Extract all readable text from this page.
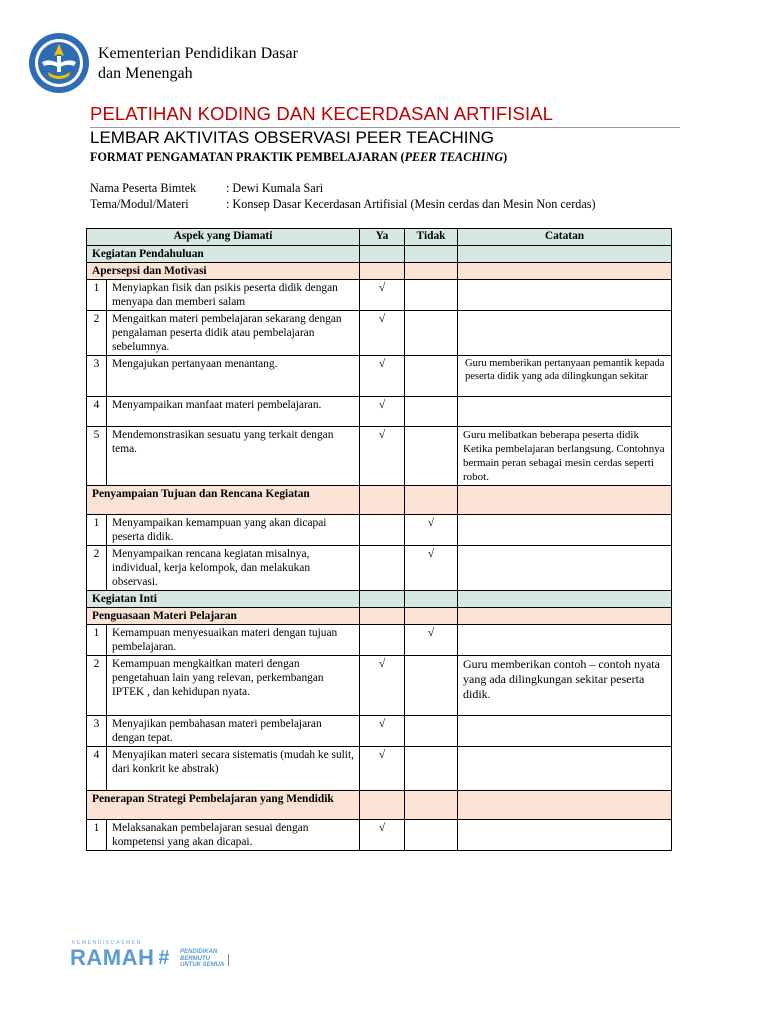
Kementerian Pendidikan Dasar
dan Menengah
PELATIHAN KODING DAN KECERDASAN ARTIFISIAL
LEMBAR AKTIVITAS OBSERVASI PEER TEACHING
FORMAT PENGAMATAN PRAKTIK PEMBELAJARAN (PEER TEACHING)
Nama Peserta Bimtek	: Dewi Kumala Sari
Tema/Modul/Materi	: Konsep Dasar Kecerdasan Artifisial (Mesin cerdas dan Mesin Non cerdas)
Aspek yang Diamati		Ya	Tidak	Catatan
Kegiatan Pendahuluan				
Apersepsi dan Motivasi				
1	Menyiapkan fisik dan psikis peserta didik dengan menyapa dan memberi salam	√		
2	Mengaitkan materi pembelajaran sekarang dengan pengalaman peserta didik atau pembelajaran sebelumnya.	√		
3	Mengajukan pertanyaan menantang.	√		Guru memberikan pertanyaan pemantik kepada peserta didik yang ada dilingkungan sekitar
4	Menyampaikan manfaat materi pembelajaran.	√		
5	Mendemonstrasikan sesuatu yang terkait dengan tema.	√		Guru melibatkan beberapa peserta didik Ketika pembelajaran berlangsung. Contohnya bermain peran sebagai mesin cerdas seperti robot.
Penyampaian Tujuan dan Rencana Kegiatan				
1	Menyampaikan kemampuan yang akan dicapai peserta didik.		√	
2	Menyampaikan rencana kegiatan misalnya, individual, kerja kelompok, dan melakukan observasi.		√	
Kegiatan Inti				
Penguasaan Materi Pelajaran				
1	Kemampuan menyesuaikan materi dengan tujuan pembelajaran.		√	
2	Kemampuan mengkaitkan materi dengan pengetahuan lain yang relevan, perkembangan IPTEK , dan kehidupan nyata.	√		Guru memberikan contoh – contoh nyata yang ada dilingkungan sekitar peserta didik.
3	Menyajikan pembahasan materi pembelajaran dengan tepat.	√		
4	Menyajikan materi secara sistematis (mudah ke sulit, dari konkrit ke abstrak)	√		
Penerapan Strategi Pembelajaran yang Mendidik				
1	Melaksanakan pembelajaran sesuai dengan kompetensi yang akan dicapai.	√		
KEMENDIKDASMEN
RAMAH # PENDIDIKAN
BERMUTU
UNTUK SEMUA
